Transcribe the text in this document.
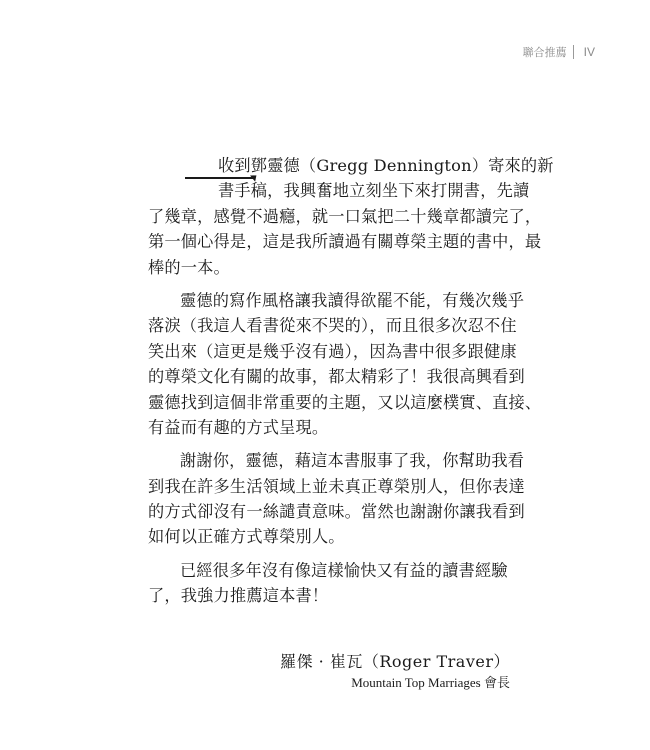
聯合推薦 IV
收到鄧靈德（Gregg Dennington）寄來的新
書手稿，我興奮地立刻坐下來打開書，先讀
了幾章，感覺不過癮，就一口氣把二十幾章都讀完了，
第一個心得是，這是我所讀過有關尊榮主題的書中，最
棒的一本。
靈德的寫作風格讓我讀得欲罷不能，有幾次幾乎
落淚（我這人看書從來不哭的），而且很多次忍不住
笑出來（這更是幾乎沒有過），因為書中很多跟健康
的尊榮文化有關的故事，都太精彩了！我很高興看到
靈德找到這個非常重要的主題，又以這麼樸實、直接、
有益而有趣的方式呈現。
謝謝你，靈德，藉這本書服事了我，你幫助我看
到我在許多生活領域上並未真正尊榮別人，但你表達
的方式卻沒有一絲譴責意味。當然也謝謝你讓我看到
如何以正確方式尊榮別人。
已經很多年沒有像這樣愉快又有益的讀書經驗
了，我強力推薦這本書！
羅傑 · 崔瓦（Roger Traver）
Mountain Top Marriages 會長
